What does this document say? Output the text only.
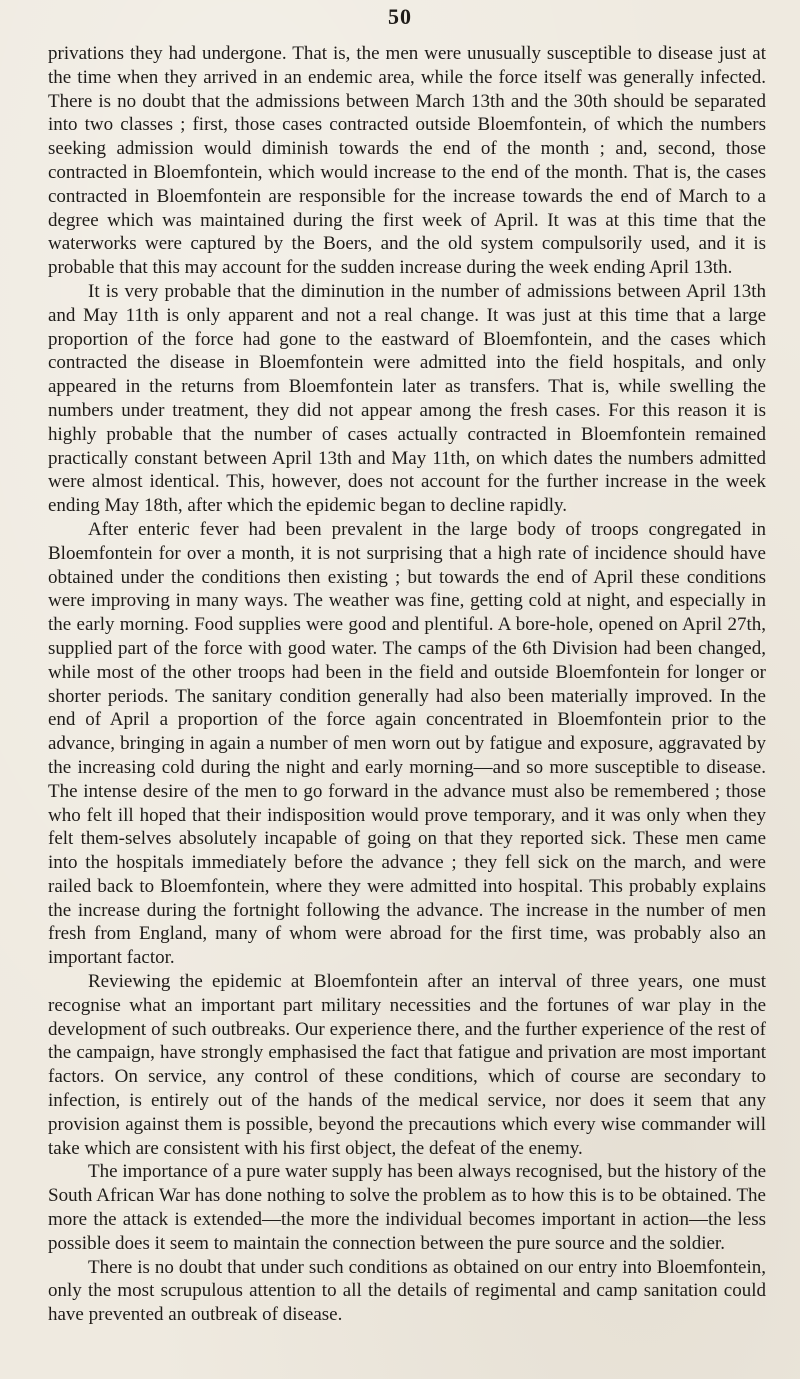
50

privations they had undergone. That is, the men were unusually susceptible to disease just at the time when they arrived in an endemic area, while the force itself was generally infected. There is no doubt that the admissions between March 13th and the 30th should be separated into two classes ; first, those cases contracted outside Bloemfontein, of which the numbers seeking admission would diminish towards the end of the month ; and, second, those contracted in Bloemfontein, which would increase to the end of the month. That is, the cases contracted in Bloemfontein are responsible for the increase towards the end of March to a degree which was maintained during the first week of April. It was at this time that the waterworks were captured by the Boers, and the old system compulsorily used, and it is probable that this may account for the sudden increase during the week ending April 13th.

It is very probable that the diminution in the number of admissions between April 13th and May 11th is only apparent and not a real change. It was just at this time that a large proportion of the force had gone to the eastward of Bloemfontein, and the cases which contracted the disease in Bloemfontein were admitted into the field hospitals, and only appeared in the returns from Bloemfontein later as transfers. That is, while swelling the numbers under treatment, they did not appear among the fresh cases. For this reason it is highly probable that the number of cases actually contracted in Bloemfontein remained practically constant between April 13th and May 11th, on which dates the numbers admitted were almost identical. This, however, does not account for the further increase in the week ending May 18th, after which the epidemic began to decline rapidly.

After enteric fever had been prevalent in the large body of troops congregated in Bloemfontein for over a month, it is not surprising that a high rate of incidence should have obtained under the conditions then existing ; but towards the end of April these conditions were improving in many ways. The weather was fine, getting cold at night, and especially in the early morning. Food supplies were good and plentiful. A bore-hole, opened on April 27th, supplied part of the force with good water. The camps of the 6th Division had been changed, while most of the other troops had been in the field and outside Bloemfontein for longer or shorter periods. The sanitary condition generally had also been materially improved. In the end of April a proportion of the force again concentrated in Bloemfontein prior to the advance, bringing in again a number of men worn out by fatigue and exposure, aggravated by the increasing cold during the night and early morning—and so more susceptible to disease. The intense desire of the men to go forward in the advance must also be remembered ; those who felt ill hoped that their indisposition would prove temporary, and it was only when they felt them-selves absolutely incapable of going on that they reported sick. These men came into the hospitals immediately before the advance ; they fell sick on the march, and were railed back to Bloemfontein, where they were admitted into hospital. This probably explains the increase during the fortnight following the advance. The increase in the number of men fresh from England, many of whom were abroad for the first time, was probably also an important factor.

Reviewing the epidemic at Bloemfontein after an interval of three years, one must recognise what an important part military necessities and the fortunes of war play in the development of such outbreaks. Our experience there, and the further experience of the rest of the campaign, have strongly emphasised the fact that fatigue and privation are most important factors. On service, any control of these conditions, which of course are secondary to infection, is entirely out of the hands of the medical service, nor does it seem that any provision against them is possible, beyond the precautions which every wise commander will take which are consistent with his first object, the defeat of the enemy.

The importance of a pure water supply has been always recognised, but the history of the South African War has done nothing to solve the problem as to how this is to be obtained. The more the attack is extended—the more the individual becomes important in action—the less possible does it seem to maintain the connection between the pure source and the soldier.

There is no doubt that under such conditions as obtained on our entry into Bloemfontein, only the most scrupulous attention to all the details of regimental and camp sanitation could have prevented an outbreak of disease.
